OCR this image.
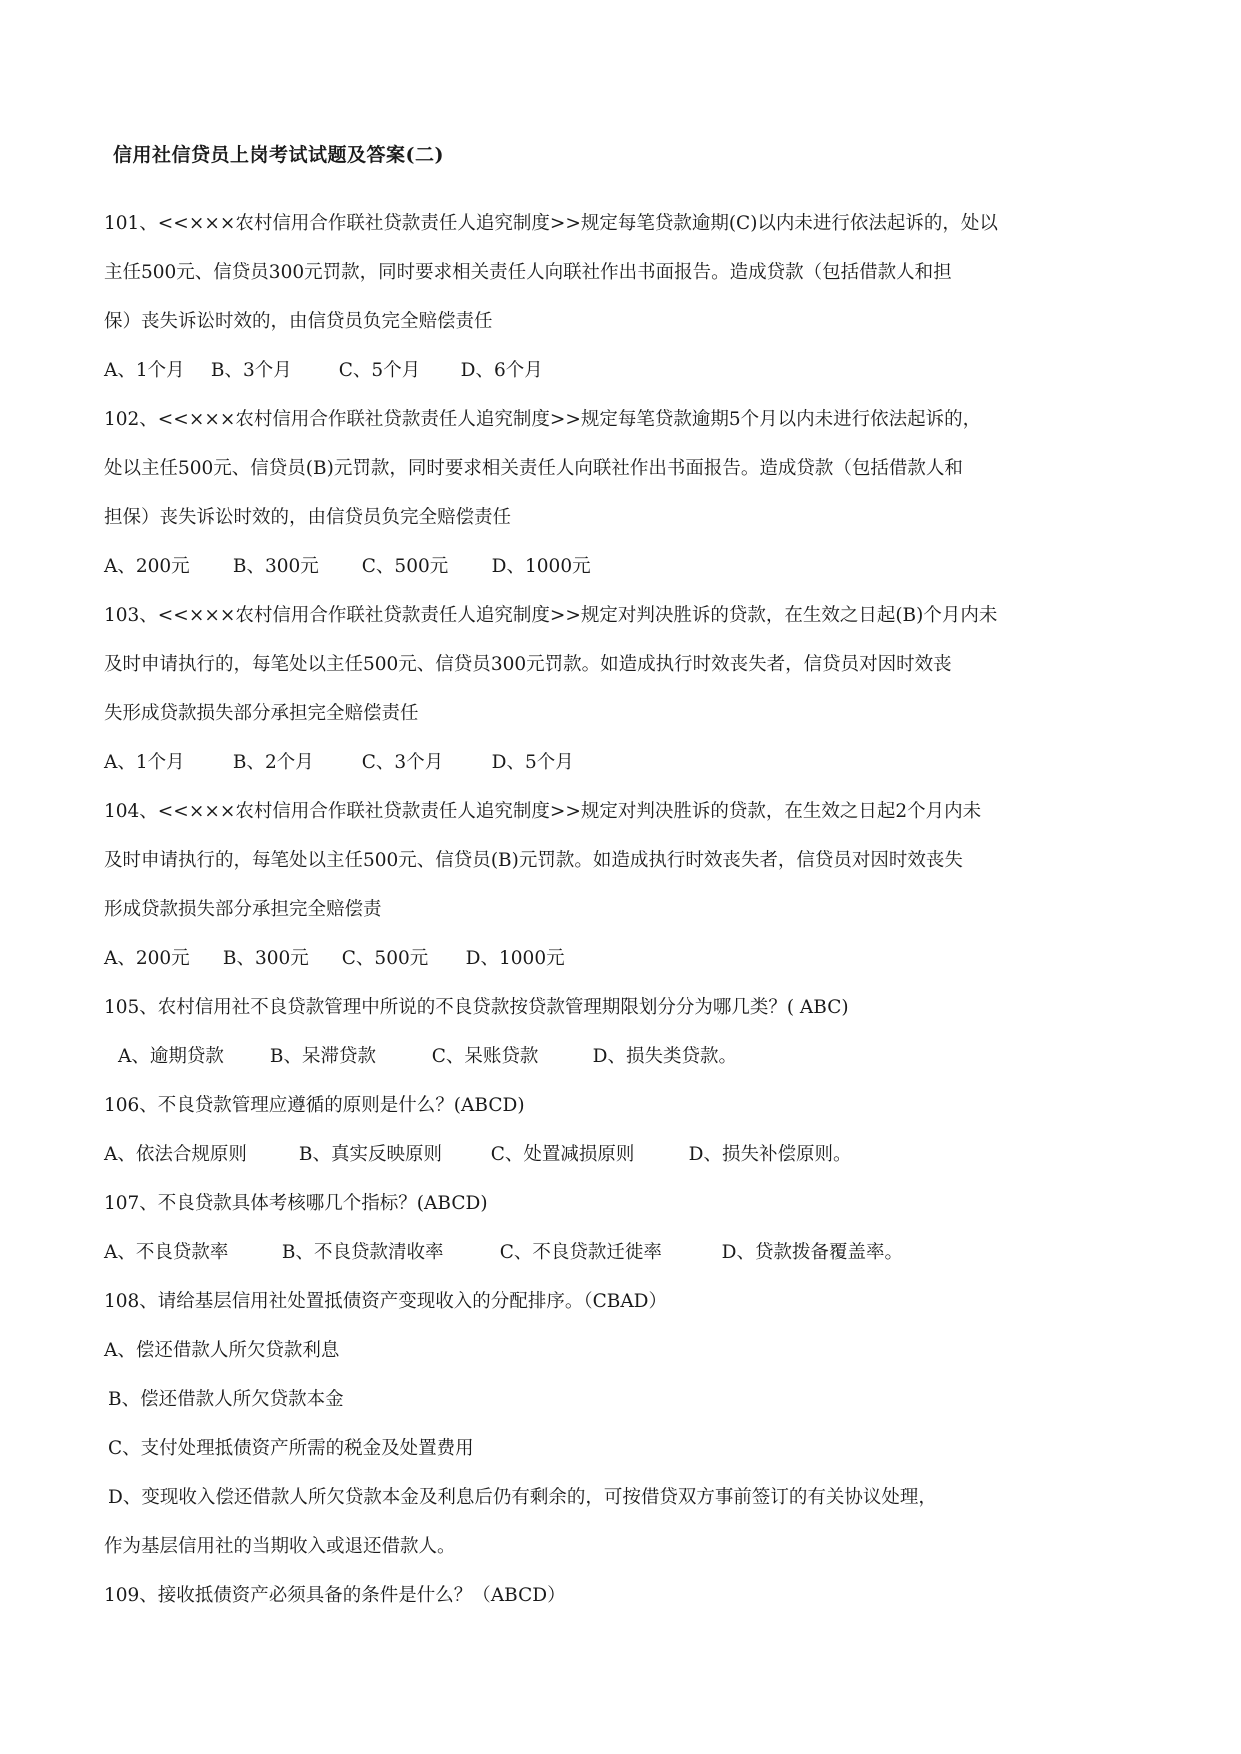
信用社信贷员上岗考试试题及答案(二)
101、<<×××农村信用合作联社贷款责任人追究制度>>规定每笔贷款逾期(C)以内未进行依法起诉的，处以
主任500元、信贷员300元罚款，同时要求相关责任人向联社作出书面报告。造成贷款（包括借款人和担
保）丧失诉讼时效的，由信贷员负完全赔偿责任
A、1个月 B、3个月	C、5个月 D、6个月
102、<<×××农村信用合作联社贷款责任人追究制度>>规定每笔贷款逾期5个月以内未进行依法起诉的，
处以主任500元、信贷员(B)元罚款，同时要求相关责任人向联社作出书面报告。造成贷款（包括借款人和
担保）丧失诉讼时效的，由信贷员负完全赔偿责任
A、200元 B、300元 C、500元 D、1000元
103、<<×××农村信用合作联社贷款责任人追究制度>>规定对判决胜诉的贷款，在生效之日起(B)个月内未
及时申请执行的，每笔处以主任500元、信贷员300元罚款。如造成执行时效丧失者，信贷员对因时效丧
失形成贷款损失部分承担完全赔偿责任
A、1个月	B、2个月	C、3个月	D、5个月
104、<<×××农村信用合作联社贷款责任人追究制度>>规定对判决胜诉的贷款，在生效之日起2个月内未
及时申请执行的，每笔处以主任500元、信贷员(B)元罚款。如造成执行时效丧失者，信贷员对因时效丧失
形成贷款损失部分承担完全赔偿责
A、200元 B、300元 C、500元 D、1000元
105、农村信用社不良贷款管理中所说的不良贷款按贷款管理期限划分分为哪几类？( ABC)
A、逾期贷款 B、呆滞贷款	C、呆账贷款	D、损失类贷款。
106、不良贷款管理应遵循的原则是什么？(ABCD)
A、依法合规原则	B、真实反映原则	C、处置减损原则	D、损失补偿原则。
107、不良贷款具体考核哪几个指标？(ABCD)
A、不良贷款率	B、不良贷款清收率	C、不良贷款迁徙率	D、贷款拨备覆盖率。
108、请给基层信用社处置抵债资产变现收入的分配排序。（CBAD）
A、偿还借款人所欠贷款利息
B、偿还借款人所欠贷款本金
C、支付处理抵债资产所需的税金及处置费用
D、变现收入偿还借款人所欠贷款本金及利息后仍有剩余的，可按借贷双方事前签订的有关协议处理，
作为基层信用社的当期收入或退还借款人。
109、接收抵债资产必须具备的条件是什么？（ABCD）
